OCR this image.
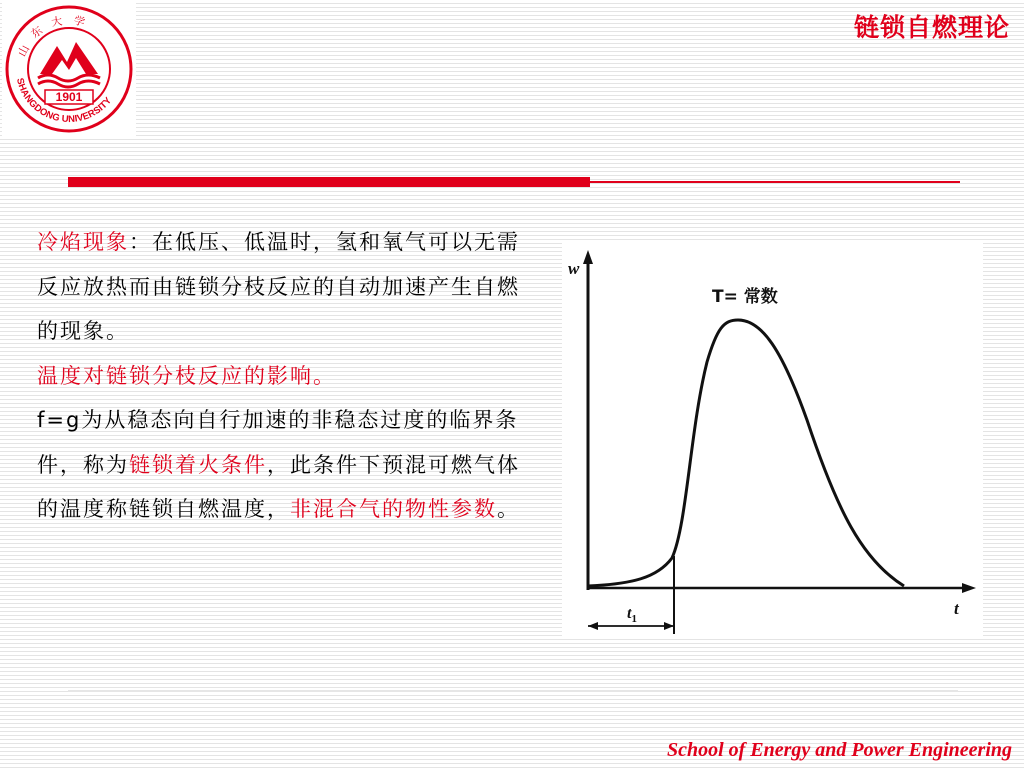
山东大学
SHANGDONG UNIVERSITY
1901
链锁自燃理论

冷焰现象：在低压、低温时，氢和氧气可以无需反应放热而由链锁分枝反应的自动加速产生自燃的现象。

温度对链锁分枝反应的影响。

f=g为从稳态向自行加速的非稳态过度的临界条件，称为链锁着火条件，此条件下预混可燃气体的温度称链锁自燃温度，非混合气的物性参数。

w
t
T= 常数
$t_1$
School of Energy and Power Engineering
